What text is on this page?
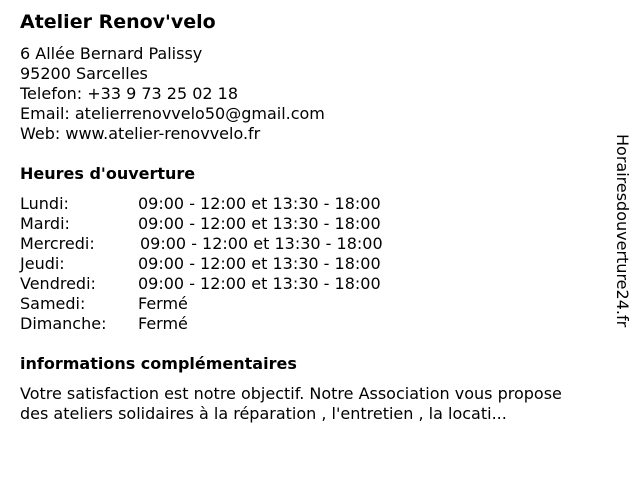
Atelier Renov'velo
6 Allée Bernard Palissy
95200 Sarcelles
Telefon: +33 9 73 25 02 18
Email: atelierrenovvelo50@gmail.com
Web: www.atelier-renovvelo.fr
Heures d'ouverture
Lundi:	09:00 - 12:00 et 13:30 - 18:00
Mardi:	09:00 - 12:00 et 13:30 - 18:00
Mercredi:	09:00 - 12:00 et 13:30 - 18:00
Jeudi:	09:00 - 12:00 et 13:30 - 18:00
Vendredi:	09:00 - 12:00 et 13:30 - 18:00
Samedi:	Fermé
Dimanche: Fermé
informations complémentaires
Votre satisfaction est notre objectif. Notre Association vous propose
des ateliers solidaires à la réparation , l'entretien , la locati...
Horairesdouverture24.fr
